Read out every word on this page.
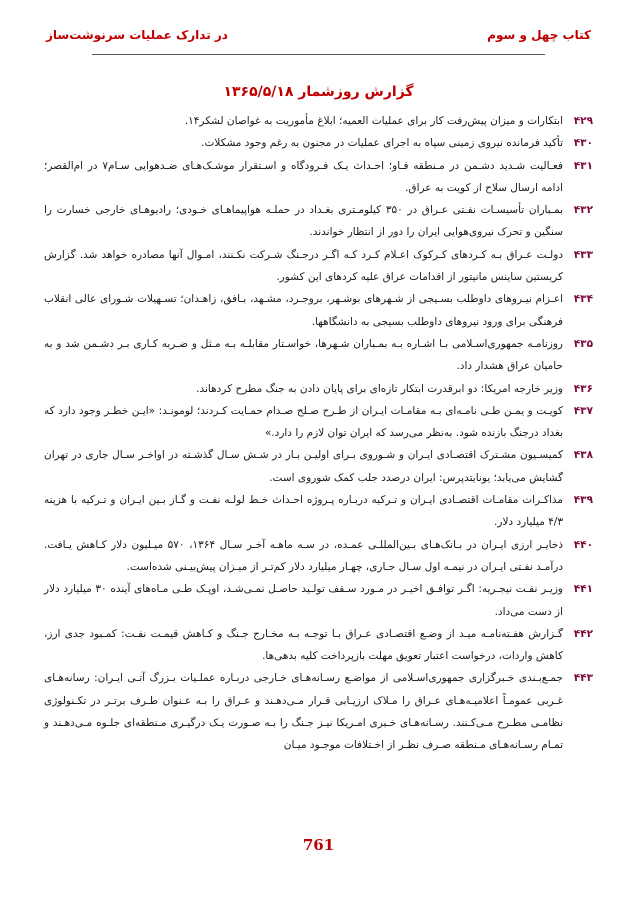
کتاب چهل و سوم
در تدارک عملیات سرنوشت‌ساز
گزارش روزشمار ۱۳۶۵/۵/۱۸
۴۲۹
ابتکارات و میزان پیش‌رفت کار برای عملیات العمیه؛ ابلاغ مأموریت به غواصان لشکر۱۴.
۴۳۰
تأکید فرمانده نیروی زمینی سپاه به اجرای عملیات در مجنون به رغم وجود مشکلات.
۴۳۱
فعـالیت شـدید دشـمن در مـنطقه فـاو؛ احـداث یـک فـرودگاه و اسـتقرار موشـک‌هـای ضـدهوایی سـام۷ در ام‌القصر؛ ادامه ارسال سلاح از کویت به عراق.
۴۳۲
بمـباران تأسیسـات نفـتی عـراق در ۳۵۰ کیلومـتری بغـداد در حملـه هواپیماهـای خـودی؛ رادیوهـای خارجی خسارت را سنگین و تحرک نیروی‌هوایی ایران را دور از انتظار خواندند.
۴۳۳
دولـت عـراق بـه کـردهای کـرکوک اعـلام کـرد کـه اگـر درجـنگ شـرکت نکـنند، امـوال آنها مصادره خواهد شد. گزارش کریستین ساینس مانیتور از اقدامات عراق علیه کردهای این کشور.
۴۳۴
اعـزام نیـروهای داوطلب بسـیجی از شـهرهای بوشـهر، بروجـرد، مشـهد، بـافق، زاهـدان؛ تسـهیلات شـورای عالی انقلاب فرهنگی برای ورود نیروهای داوطلب بسیجی به دانشگاهها.
۴۳۵
روزنامـه جمهوری‌اسـلامی بـا اشـاره بـه بمـباران شـهرها، خواسـتار مقابلـه بـه مـثل و ضـربه کـاری بـر دشـمن شد و به حامیان عراق هشدار داد.
۴۳۶
وزیر خارجه امریکا: دو ابرقدرت ابتکار تازه‌ای برای پایان دادن به جنگ مطرح کردهاند.
۴۳۷
کویـت و یمـن طـی نامـه‌ای بـه مقامـات ایـران از طـرح صـلح صـدام حمـایت کـردند؛ لومونـد: «ایـن خطـر وجود دارد که بغداد درجنگ بازنده شود. به‌نظر می‌رسد که ایران توان لازم را دارد.»
۴۳۸
کمیسـیون مشـترک اقتصـادی ایـران و شـوروی بـرای اولیـن بـار در شـش سـال گذشـته در اواخـر سـال جاری در تهران گشایش می‌یابد؛ یونایتدپرس: ایران درصدد جلب کمک شوروی است.
۴۳۹
مذاکـرات مقامـات اقتصـادی ایـران و تـرکیه دربـاره پـروژه احـداث خـط لولـه نفـت و گـاز بـین ایـران و تـرکیه با هزینه ۴/۳ میلیارد دلار.
۴۴۰
ذخایـر ارزی ایـران در بـانک‌هـای بـین‌المللـی عمـده، در سـه ماهـه آخـر سـال ۱۳۶۴، ۵۷۰ میـلیون دلار کـاهش یـافت. درآمـد نفـتی ایـران در نیمـه اول سـال جـاری، چهـار میلیارد دلار کم‌تـر از میـزان پیش‌بیـنی شده‌است.
۴۴۱
وزیـر نفـت نیجـریه: اگـر توافـق اخیـر در مـورد سـقف تولـید حاصـل نمـی‌شـد، اوپـک طـی مـاه‌های آینده ۳۰ میلیارد دلار از دست می‌داد.
۴۴۲
گـزارش هفـته‌نامـه میـد از وضـع اقتصـادی عـراق بـا توجـه بـه مخـارج جـنگ و کـاهش قیمـت نفـت: کمـبود جدی ارز، کاهش واردات، درخواست اعتبار تعویق مهلت بازپرداخت کلیه بدهی‌ها.
۴۴۳
جمـع‌بـندی خـبرگزاری جمهوری‌اسـلامی از مواضـع رسـانه‌هـای خـارجی دربـاره عملـیات بـزرگ آتـی ایـران: رسانه‌هـای غـربی عمومـاً اعلامیـه‌هـای عـراق را مـلاک ارزیـابی قـرار مـی‌دهـند و عـراق را بـه عـنوان طـرف برتـر در تکـنولوژی نظامـی مطـرح مـی‌کـنند. رسـانه‌هـای خـبری امـریکا نیـز جـنگ را بـه صـورت یـک درگیـری مـنطقه‌ای جلـوه مـی‌دهـند و تمـام رسـانه‌هـای مـنطقه صـرف نظـر از اخـتلافات موجـود میـان
761
